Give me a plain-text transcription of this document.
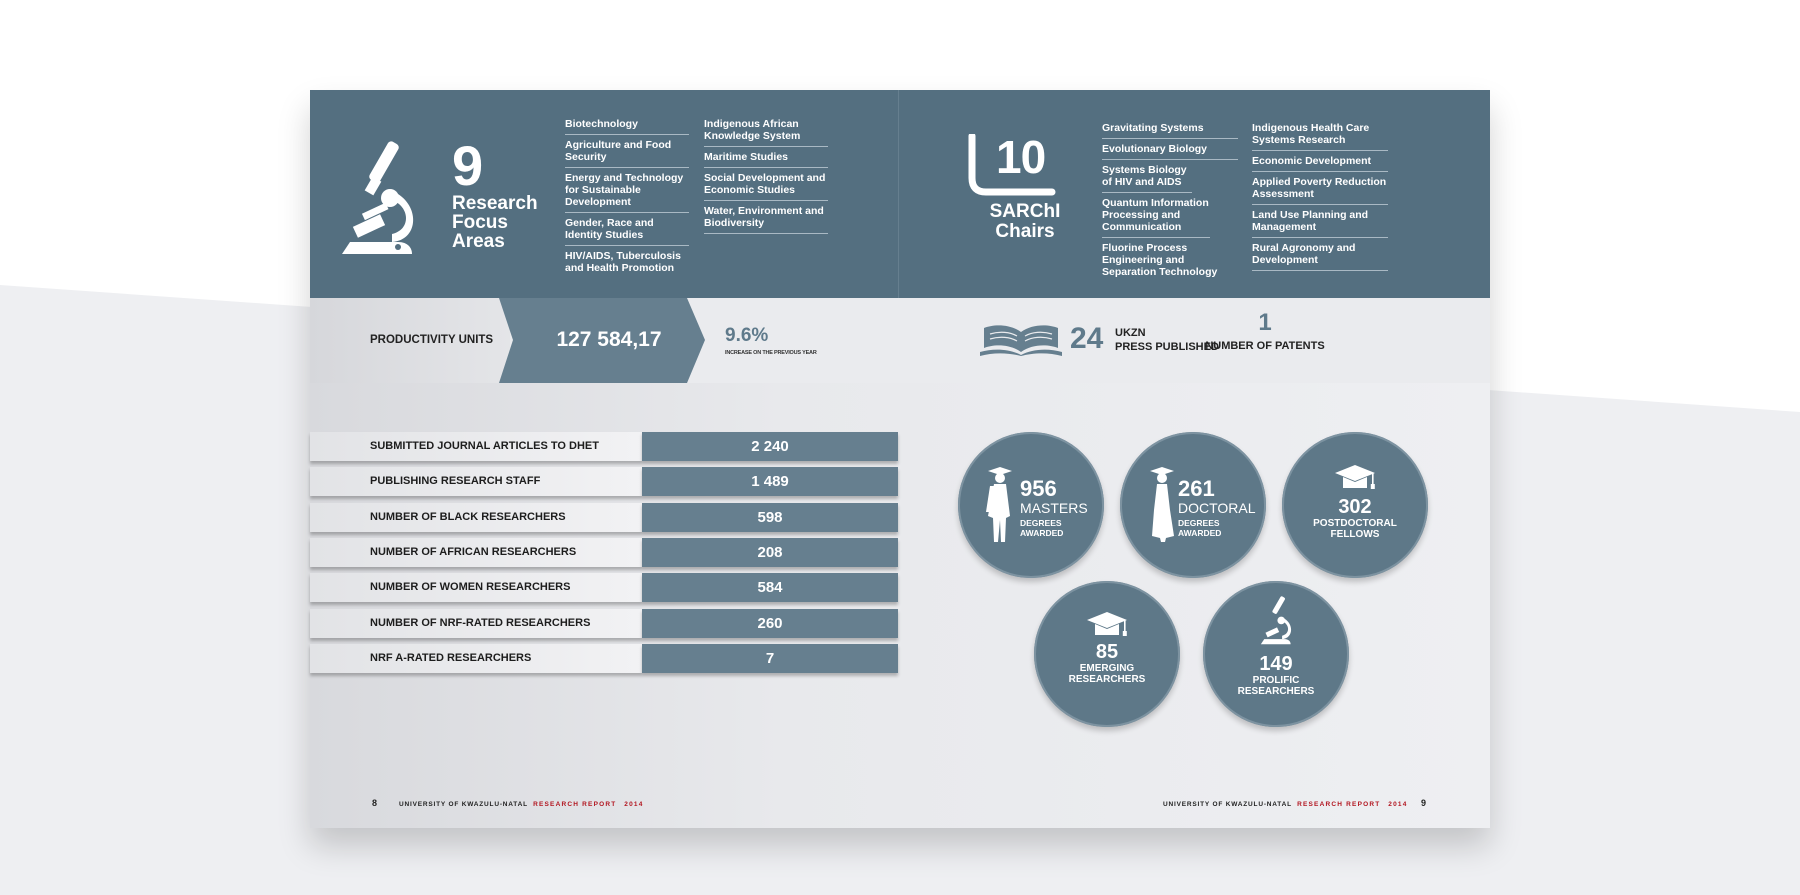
9
Research
Focus
Areas
Biotechnology
Agriculture and Food Security
Energy and Technology for Sustainable Development
Gender, Race and Identity Studies
HIV/AIDS, Tuberculosis and Health Promotion
Indigenous African Knowledge System
Maritime Studies
Social Development and Economic Studies
Water, Environment and Biodiversity
10
SARChI
Chairs
Gravitating Systems
Evolutionary Biology
Systems Biology of HIV and AIDS
Quantum Information Processing and Communication
Fluorine Process Engineering and Separation Technology
Indigenous Health Care Systems Research
Economic Development
Applied Poverty Reduction Assessment
Land Use Planning and Management
Rural Agronomy and Development
PRODUCTIVITY UNITS	127 584,17	9.6%
INCREASE ON THE PREVIOUS YEAR	24 UKZN
PRESS PUBLISHED
1
NUMBER OF PATENTS
SUBMITTED JOURNAL ARTICLES TO DHET	2 240
PUBLISHING RESEARCH STAFF	1 489
NUMBER OF BLACK RESEARCHERS	598
NUMBER OF AFRICAN RESEARCHERS	208
NUMBER OF WOMEN RESEARCHERS	584
NUMBER OF NRF-RATED RESEARCHERS	260
NRF A-RATED RESEARCHERS	7
956
MASTERS
DEGREES
AWARDED
261
DOCTORAL
DEGREES
AWARDED
302
POSTDOCTORAL
FELLOWS
85
EMERGING
RESEARCHERS
149
PROLIFIC
RESEARCHERS
8	UNIVERSITY OF KWAZULU-NATAL RESEARCH REPORT 2014	UNIVERSITY OF KWAZULU-NATAL RESEARCH REPORT 2014 9
